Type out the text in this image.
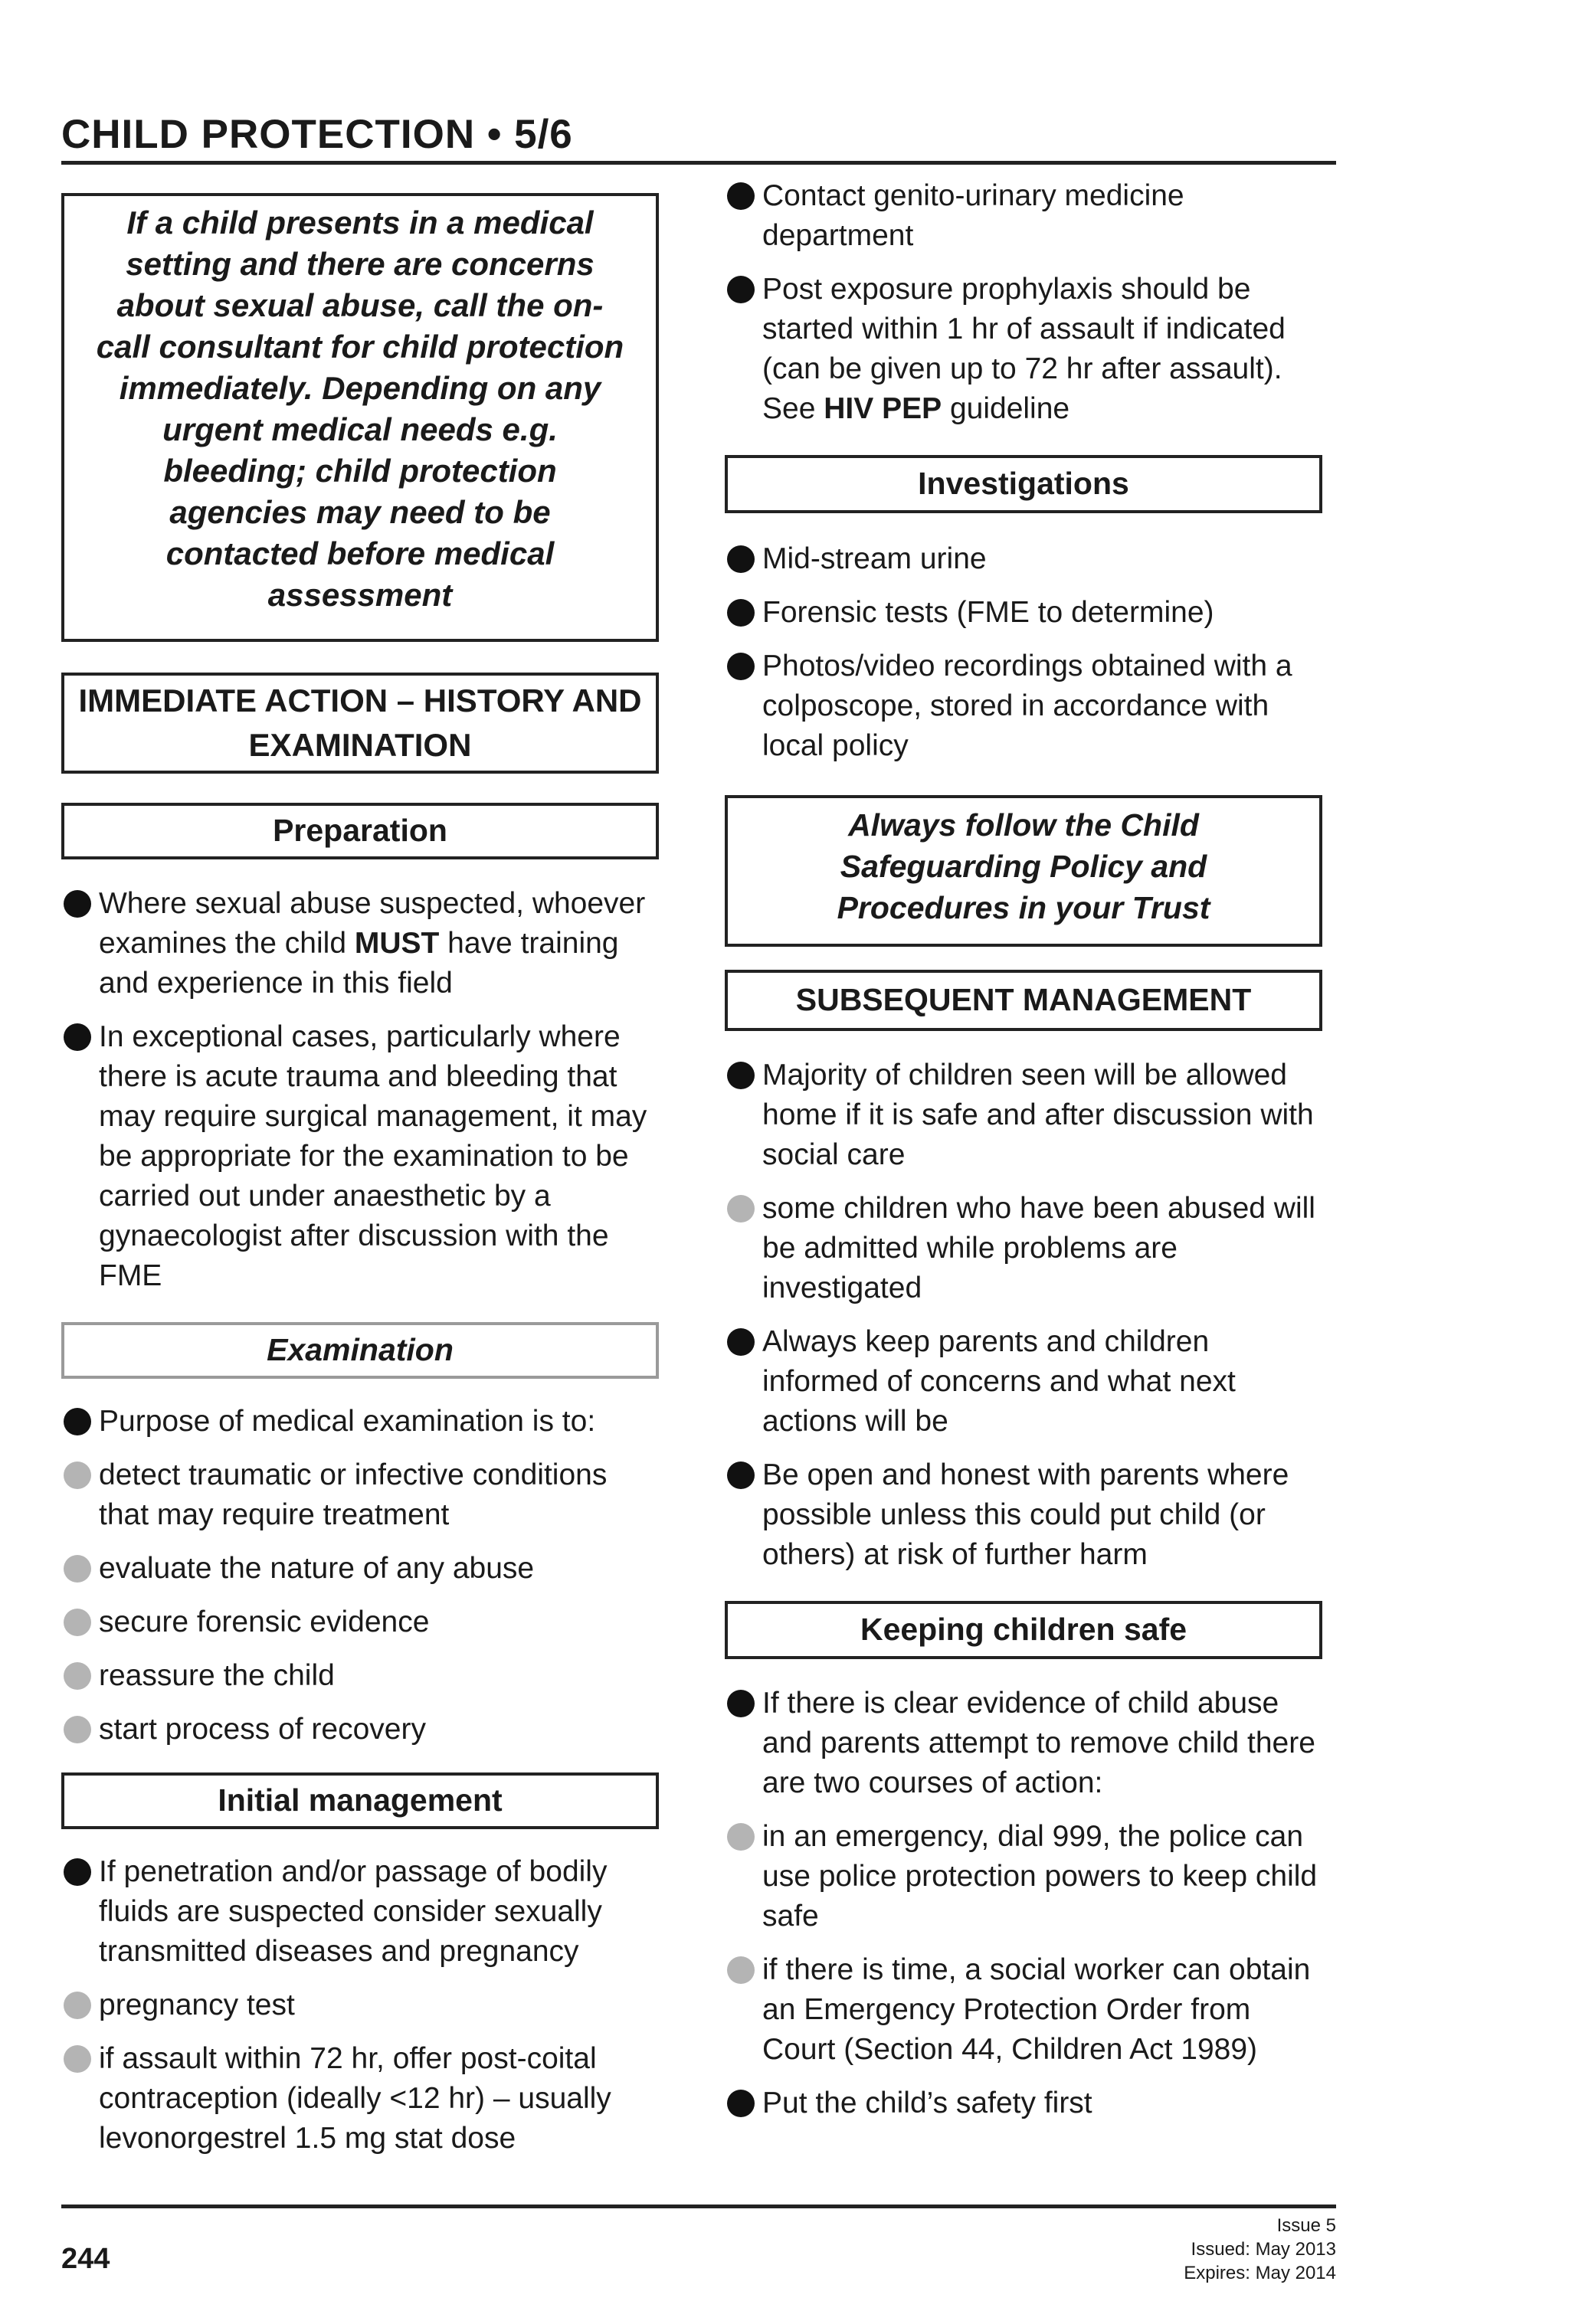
CHILD PROTECTION • 5/6
If a child presents in a medical setting and there are concerns about sexual abuse, call the on-call consultant for child protection immediately. Depending on any urgent medical needs e.g. bleeding; child protection agencies may need to be contacted before medical assessment
IMMEDIATE ACTION – HISTORY AND EXAMINATION
Preparation
Where sexual abuse suspected, whoever examines the child MUST have training and experience in this field
In exceptional cases, particularly where there is acute trauma and bleeding that may require surgical management, it may be appropriate for the examination to be carried out under anaesthetic by a gynaecologist after discussion with the FME
Examination
Purpose of medical examination is to:
detect traumatic or infective conditions that may require treatment
evaluate the nature of any abuse
secure forensic evidence
reassure the child
start process of recovery
Initial management
If penetration and/or passage of bodily fluids are suspected consider sexually transmitted diseases and pregnancy
pregnancy test
if assault within 72 hr, offer post-coital contraception (ideally <12 hr) – usually levonorgestrel 1.5 mg stat dose
Contact genito-urinary medicine department
Post exposure prophylaxis should be started within 1 hr of assault if indicated (can be given up to 72 hr after assault). See HIV PEP guideline
Investigations
Mid-stream urine
Forensic tests (FME to determine)
Photos/video recordings obtained with a colposcope, stored in accordance with local policy
Always follow the Child Safeguarding Policy and Procedures in your Trust
SUBSEQUENT MANAGEMENT
Majority of children seen will be allowed home if it is safe and after discussion with social care
some children who have been abused will be admitted while problems are investigated
Always keep parents and children informed of concerns and what next actions will be
Be open and honest with parents where possible unless this could put child (or others) at risk of further harm
Keeping children safe
If there is clear evidence of child abuse and parents attempt to remove child there are two courses of action:
in an emergency, dial 999, the police can use police protection powers to keep child safe
if there is time, a social worker can obtain an Emergency Protection Order from Court (Section 44, Children Act 1989)
Put the child’s safety first
244
Issue 5
Issued: May 2013
Expires: May 2014
